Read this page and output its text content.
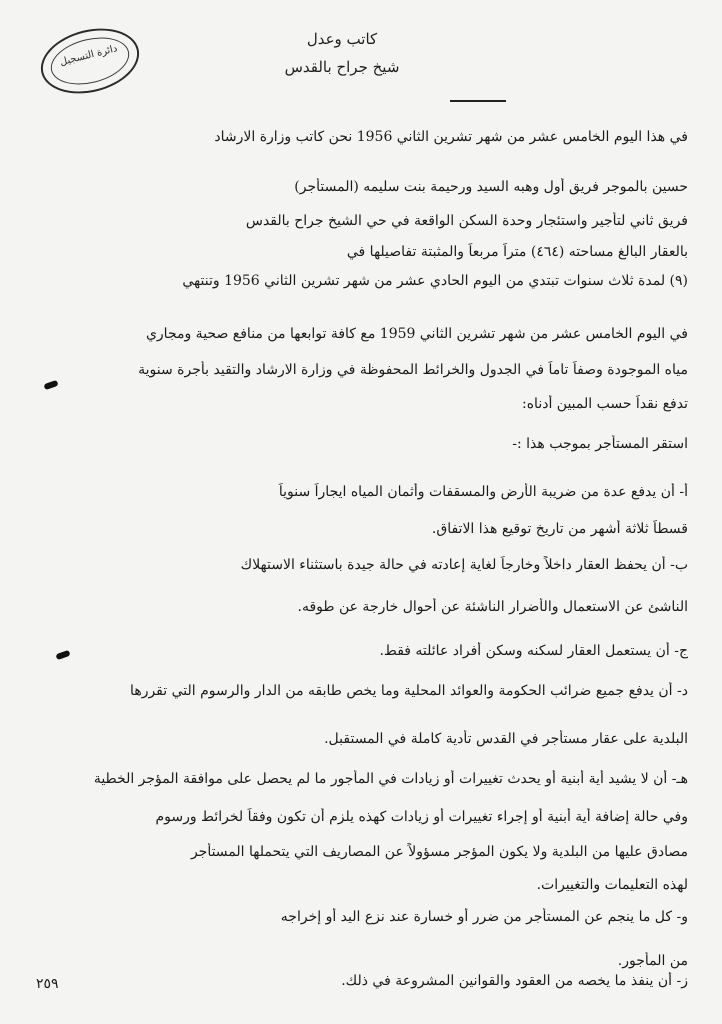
دائرة التسجيل
كاتب وعدل
شيخ جراح بالقدس
في هذا اليوم الخامس عشر من شهر تشرين الثاني 1956 نحن كاتب وزارة الارشاد
حسين بالموجر فريق أول وهبه السيد ورحيمة بنت سليمه (المستأجر)
فريق ثاني لتأجير واستئجار وحدة السكن الواقعة في حي الشيخ جراح بالقدس
بالعقار البالغ مساحته (٤٦٤) متراً مربعاً والمثبتة تفاصيلها في
(٩) لمدة ثلاث سنوات تبتدي من اليوم الحادي عشر من شهر تشرين الثاني 1956 وتنتهي
في اليوم الخامس عشر من شهر تشرين الثاني 1959 مع كافة توابعها من منافع صحية ومجاري
مياه الموجودة وصفاً تاماً في الجدول والخرائط المحفوظة في وزارة الارشاد والتقيد بأجرة سنوية
تدفع نقداً حسب المبين أدناه:
استقر المستأجر بموجب هذا :-
أ- أن يدفع عدة من ضريبة الأرض والمسقفات وأثمان المياه ايجاراً سنوياً
قسطاً ثلاثة أشهر من تاريخ توقيع هذا الاتفاق.
ب- أن يحفظ العقار داخلاً وخارجاً لغاية إعادته في حالة جيدة باستثناء الاستهلاك
الناشئ عن الاستعمال والأضرار الناشئة عن أحوال خارجة عن طوقه.
ج- أن يستعمل العقار لسكنه وسكن أفراد عائلته فقط.
د- أن يدفع جميع ضرائب الحكومة والعوائد المحلية وما يخص طابقه من الدار والرسوم التي تقررها
البلدية على عقار مستأجر في القدس تأدية كاملة في المستقبل.
هـ- أن لا يشيد أية أبنية أو يحدث تغييرات أو زيادات في المأجور ما لم يحصل على موافقة المؤجر الخطية
وفي حالة إضافة أية أبنية أو إجراء تغييرات أو زيادات كهذه يلزم أن تكون وفقاً لخرائط ورسوم
مصادق عليها من البلدية ولا يكون المؤجر مسؤولاً عن المصاريف التي يتحملها المستأجر
لهذه التعليمات والتغييرات.
و- كل ما ينجم عن المستأجر من ضرر أو خسارة عند نزع اليد أو إخراجه
من المأجور.
ز- أن ينفذ ما يخصه من العقود والقوانين المشروعة في ذلك.
٢٥٩
